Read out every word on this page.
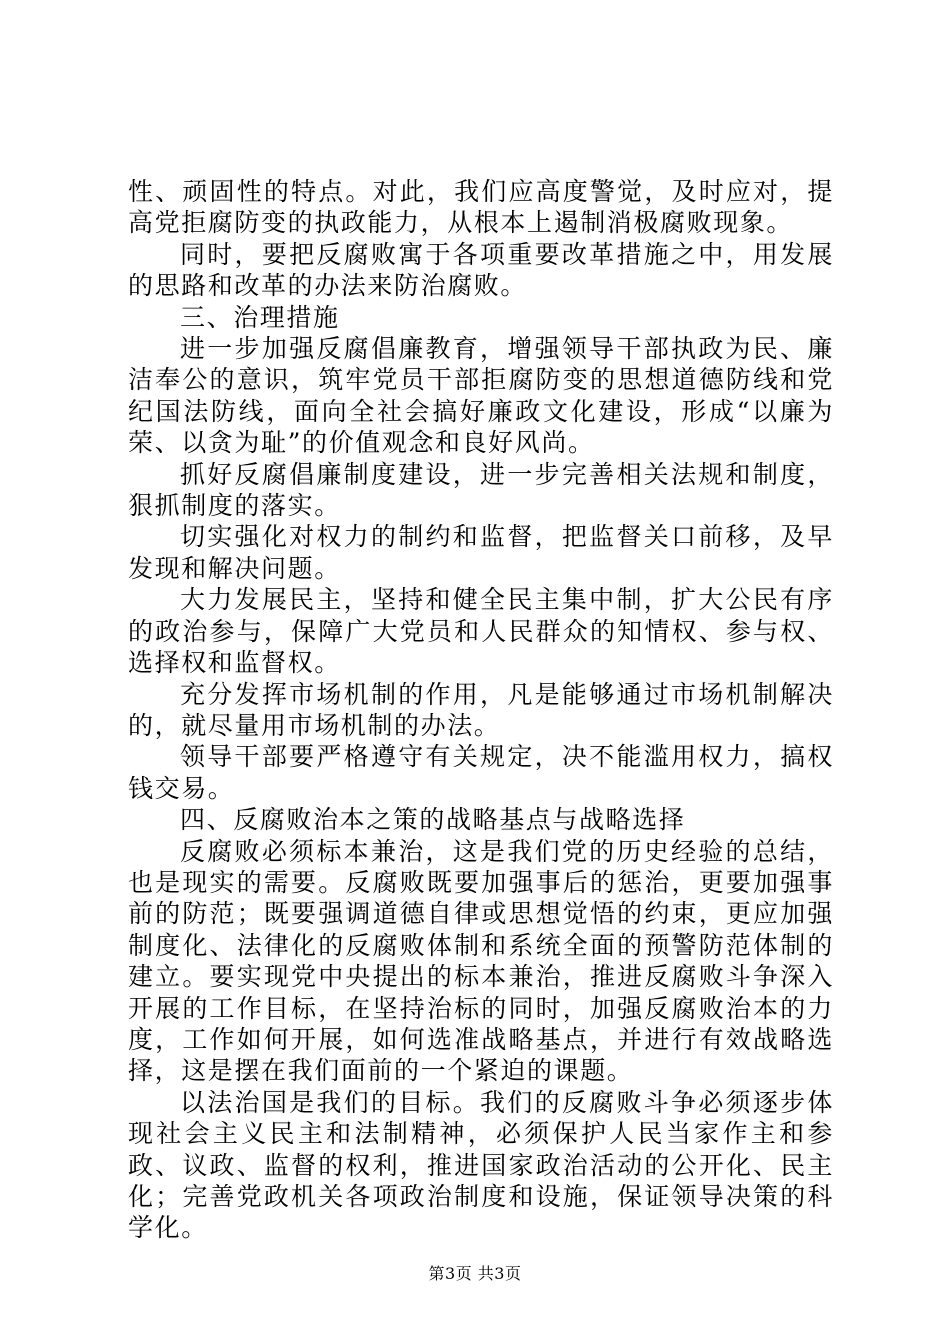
性、顽固性的特点。对此，我们应高度警觉，及时应对，提高党拒腐防变的执政能力，从根本上遏制消极腐败现象。

同时，要把反腐败寓于各项重要改革措施之中，用发展的思路和改革的办法来防治腐败。

三、治理措施

进一步加强反腐倡廉教育，增强领导干部执政为民、廉洁奉公的意识，筑牢党员干部拒腐防变的思想道德防线和党纪国法防线，面向全社会搞好廉政文化建设，形成“以廉为荣、以贪为耻”的价值观念和良好风尚。

抓好反腐倡廉制度建设，进一步完善相关法规和制度，狠抓制度的落实。

切实强化对权力的制约和监督，把监督关口前移，及早发现和解决问题。

大力发展民主，坚持和健全民主集中制，扩大公民有序的政治参与，保障广大党员和人民群众的知情权、参与权、选择权和监督权。

充分发挥市场机制的作用，凡是能够通过市场机制解决的，就尽量用市场机制的办法。

领导干部要严格遵守有关规定，决不能滥用权力，搞权钱交易。

四、反腐败治本之策的战略基点与战略选择

反腐败必须标本兼治，这是我们党的历史经验的总结，也是现实的需要。反腐败既要加强事后的惩治，更要加强事前的防范；既要强调道德自律或思想觉悟的约束，更应加强制度化、法律化的反腐败体制和系统全面的预警防范体制的建立。要实现党中央提出的标本兼治，推进反腐败斗争深入开展的工作目标，在坚持治标的同时，加强反腐败治本的力度，工作如何开展，如何选准战略基点，并进行有效战略选择，这是摆在我们面前的一个紧迫的课题。

以法治国是我们的目标。我们的反腐败斗争必须逐步体现社会主义民主和法制精神，必须保护人民当家作主和参政、议政、监督的权利，推进国家政治活动的公开化、民主化；完善党政机关各项政治制度和设施，保证领导决策的科学化。

第3页 共3页
